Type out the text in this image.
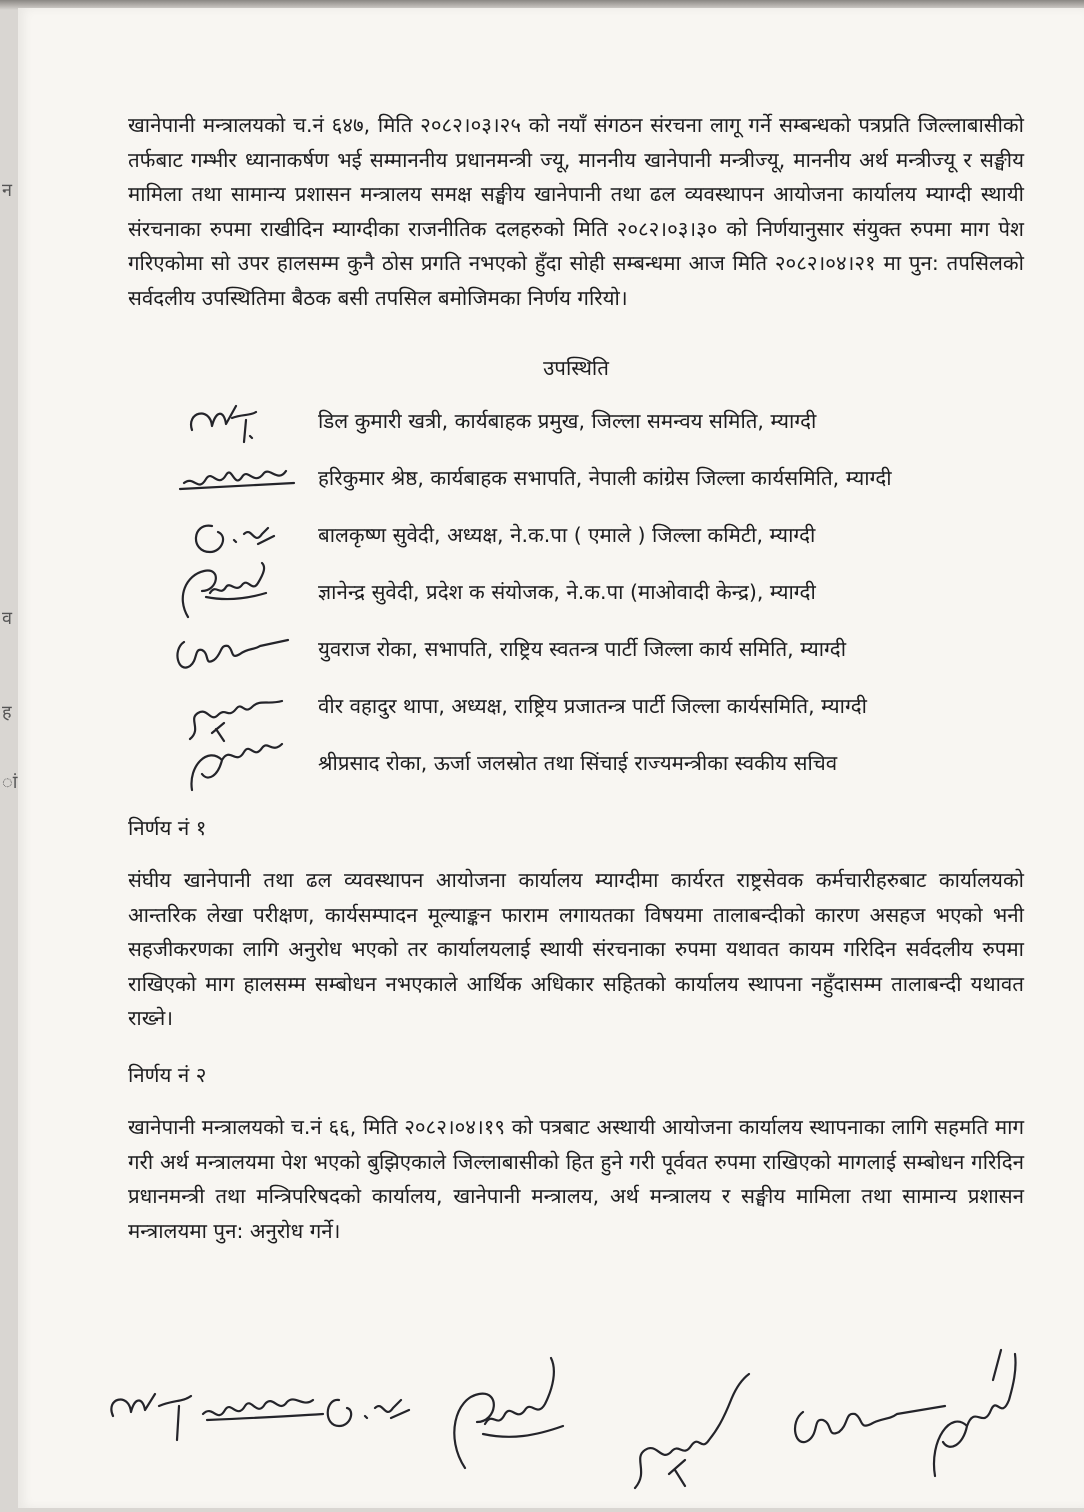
न
व
ह
ां

खानेपानी मन्त्रालयको च.नं ६४७, मिति २०८२।०३।२५ को नयाँ संगठन संरचना लागू गर्ने सम्बन्धको पत्रप्रति जिल्लाबासीको तर्फबाट गम्भीर ध्यानाकर्षण भई सम्माननीय प्रधानमन्त्री ज्यू, माननीय खानेपानी मन्त्रीज्यू, माननीय अर्थ मन्त्रीज्यू र सङ्घीय मामिला तथा सामान्य प्रशासन मन्त्रालय समक्ष सङ्घीय खानेपानी तथा ढल व्यवस्थापन आयोजना कार्यालय म्याग्दी स्थायी संरचनाका रुपमा राखीदिन म्याग्दीका राजनीतिक दलहरुको मिति २०८२।०३।३० को निर्णयानुसार संयुक्त रुपमा माग पेश गरिएकोमा सो उपर हालसम्म कुनै ठोस प्रगति नभएको हुँदा सोही सम्बन्धमा आज मिति २०८२।०४।२१ मा पुन: तपसिलको सर्वदलीय उपस्थितिमा बैठक बसी तपसिल बमोजिमका निर्णय गरियो।

उपस्थिति
डिल कुमारी खत्री, कार्यबाहक प्रमुख, जिल्ला समन्वय समिति, म्याग्दी
हरिकुमार श्रेष्ठ, कार्यबाहक सभापति, नेपाली कांग्रेस जिल्ला कार्यसमिति, म्याग्दी
बालकृष्ण सुवेदी, अध्यक्ष, ने.क.पा ( एमाले ) जिल्ला कमिटी, म्याग्दी
ज्ञानेन्द्र सुवेदी, प्रदेश क संयोजक, ने.क.पा (माओवादी केन्द्र), म्याग्दी
युवराज रोका, सभापति, राष्ट्रिय स्वतन्त्र पार्टी जिल्ला कार्य समिति, म्याग्दी
वीर वहादुर थापा, अध्यक्ष, राष्ट्रिय प्रजातन्त्र पार्टी जिल्ला कार्यसमिति, म्याग्दी
श्रीप्रसाद रोका, ऊर्जा जलस्रोत तथा सिंचाई राज्यमन्त्रीका स्वकीय सचिव
निर्णय नं १

संघीय खानेपानी तथा ढल व्यवस्थापन आयोजना कार्यालय म्याग्दीमा कार्यरत राष्ट्रसेवक कर्मचारीहरुबाट कार्यालयको आन्तरिक लेखा परीक्षण, कार्यसम्पादन मूल्याङ्कन फाराम लगायतका विषयमा तालाबन्दीको कारण असहज भएको भनी सहजीकरणका लागि अनुरोध भएको तर कार्यालयलाई स्थायी संरचनाका रुपमा यथावत कायम गरिदिन सर्वदलीय रुपमा राखिएको माग हालसम्म सम्बोधन नभएकाले आर्थिक अधिकार सहितको कार्यालय स्थापना नहुँदासम्म तालाबन्दी यथावत राख्ने।

निर्णय नं २

खानेपानी मन्त्रालयको च.नं ६६, मिति २०८२।०४।१९ को पत्रबाट अस्थायी आयोजना कार्यालय स्थापनाका लागि सहमति माग गरी अर्थ मन्त्रालयमा पेश भएको बुझिएकाले जिल्लाबासीको हित हुने गरी पूर्ववत रुपमा राखिएको मागलाई सम्बोधन गरिदिन प्रधानमन्त्री तथा मन्त्रिपरिषदको कार्यालय, खानेपानी मन्त्रालय, अर्थ मन्त्रालय र सङ्घीय मामिला तथा सामान्य प्रशासन मन्त्रालयमा पुन: अनुरोध गर्ने।
